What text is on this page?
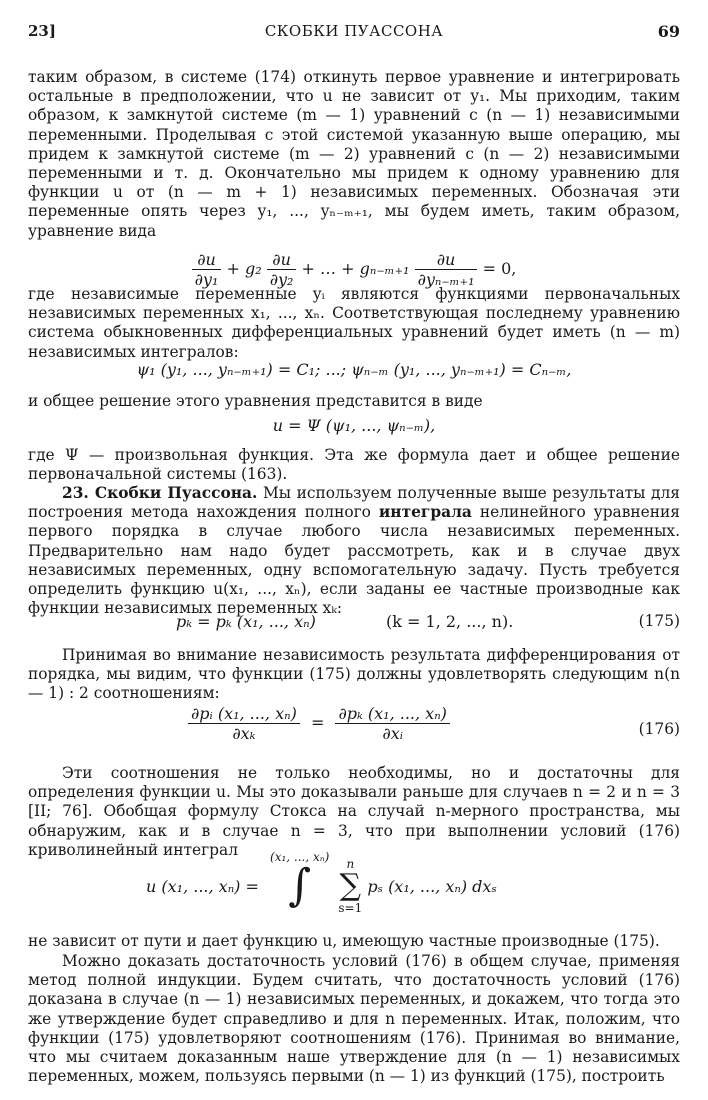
23]	СКОБКИ ПУАССОНА	69

таким образом, в системе (174) откинуть первое уравнение и интегрировать остальные в предположении, что u не зависит от y₁. Мы приходим, таким образом, к замкнутой системе (m — 1) уравнений с (n — 1) независимыми переменными. Проделывая с этой системой указанную выше операцию, мы придем к замкнутой системе (m — 2) уравнений с (n — 2) независимыми переменными и т. д. Окончательно мы придем к одному уравнению для функции u от (n — m + 1) независимых переменных. Обозначая эти переменные опять через y₁, ..., yₙ₋ₘ₊₁, мы будем иметь, таким образом, уравнение вида

$\frac{\partial u}{\text{∂y₁}} + g_2 \frac{\partial u}{\text{∂y₂}}$ + … + $g_{n-m+1} \frac{\partial u}{\text{∂yₙ₋ₘ₊₁}} = 0$,

где независимые переменные yᵢ являются функциями первоначальных независимых переменных x₁, ..., xₙ. Соответствующая последнему уравнению система обыкновенных дифференциальных уравнений будет иметь (n — m) независимых интегралов:

ψ₁ (y₁, ..., yₙ₋ₘ₊₁) = C₁; ...; ψₙ₋ₘ (y₁, ..., yₙ₋ₘ₊₁) = Cₙ₋ₘ,

и общее решение этого уравнения представится в виде

u = Ψ (ψ₁, ..., ψₙ₋ₘ),

где Ψ — произвольная функция. Эта же формула дает и общее решение первоначальной системы (163).

23. Скобки Пуассона. Мы используем полученные выше результаты для построения метода нахождения полного интеграла нелинейного уравнения первого порядка в случае любого числа независимых переменных. Предварительно нам надо будет рассмотреть, как и в случае двух независимых переменных, одну вспомогательную задачу. Пусть требуется определить функцию u(x₁, ..., xₙ), если заданы ее частные производные как функции независимых переменных xₖ:

pₖ = pₖ (x₁, ..., xₙ)	(k = 1, 2, ..., n).	(175)

Принимая во внимание независимость результата дифференцирования от порядка, мы видим, что функции (175) должны удовлетворять следующим n(n — 1) : 2 соотношениям:

$\frac{\text{∂pᵢ (x₁, ..., xₙ)}}{\text{∂xₖ}} = \frac{\text{∂pₖ (x₁, ..., xₙ)}}{\text{∂xᵢ}}$	(176)

Эти соотношения не только необходимы, но и достаточны для определения функции u. Мы это доказывали раньше для случаев n = 2 и n = 3 [II; 76]. Обобщая формулу Стокса на случай n-мерного пространства, мы обнаружим, как и в случае n = 3, что при выполнении условий (176) криволинейный интеграл

u (x₁, ..., xₙ) =
(x₁, ..., xₙ)
∫
	n
∑
s=1
pₛ (x₁, ..., xₙ) dxₛ

не зависит от пути и дает функцию u, имеющую частные производные (175).

Можно доказать достаточность условий (176) в общем случае, применяя метод полной индукции. Будем считать, что достаточность условий (176) доказана в случае (n — 1) независимых переменных, и докажем, что тогда это же утверждение будет справедливо и для n переменных. Итак, положим, что функции (175) удовлетворяют соотношениям (176). Принимая во внимание, что мы считаем доказанным наше утверждение для (n — 1) независимых переменных, можем, пользуясь первыми (n — 1) из функций (175), построить
